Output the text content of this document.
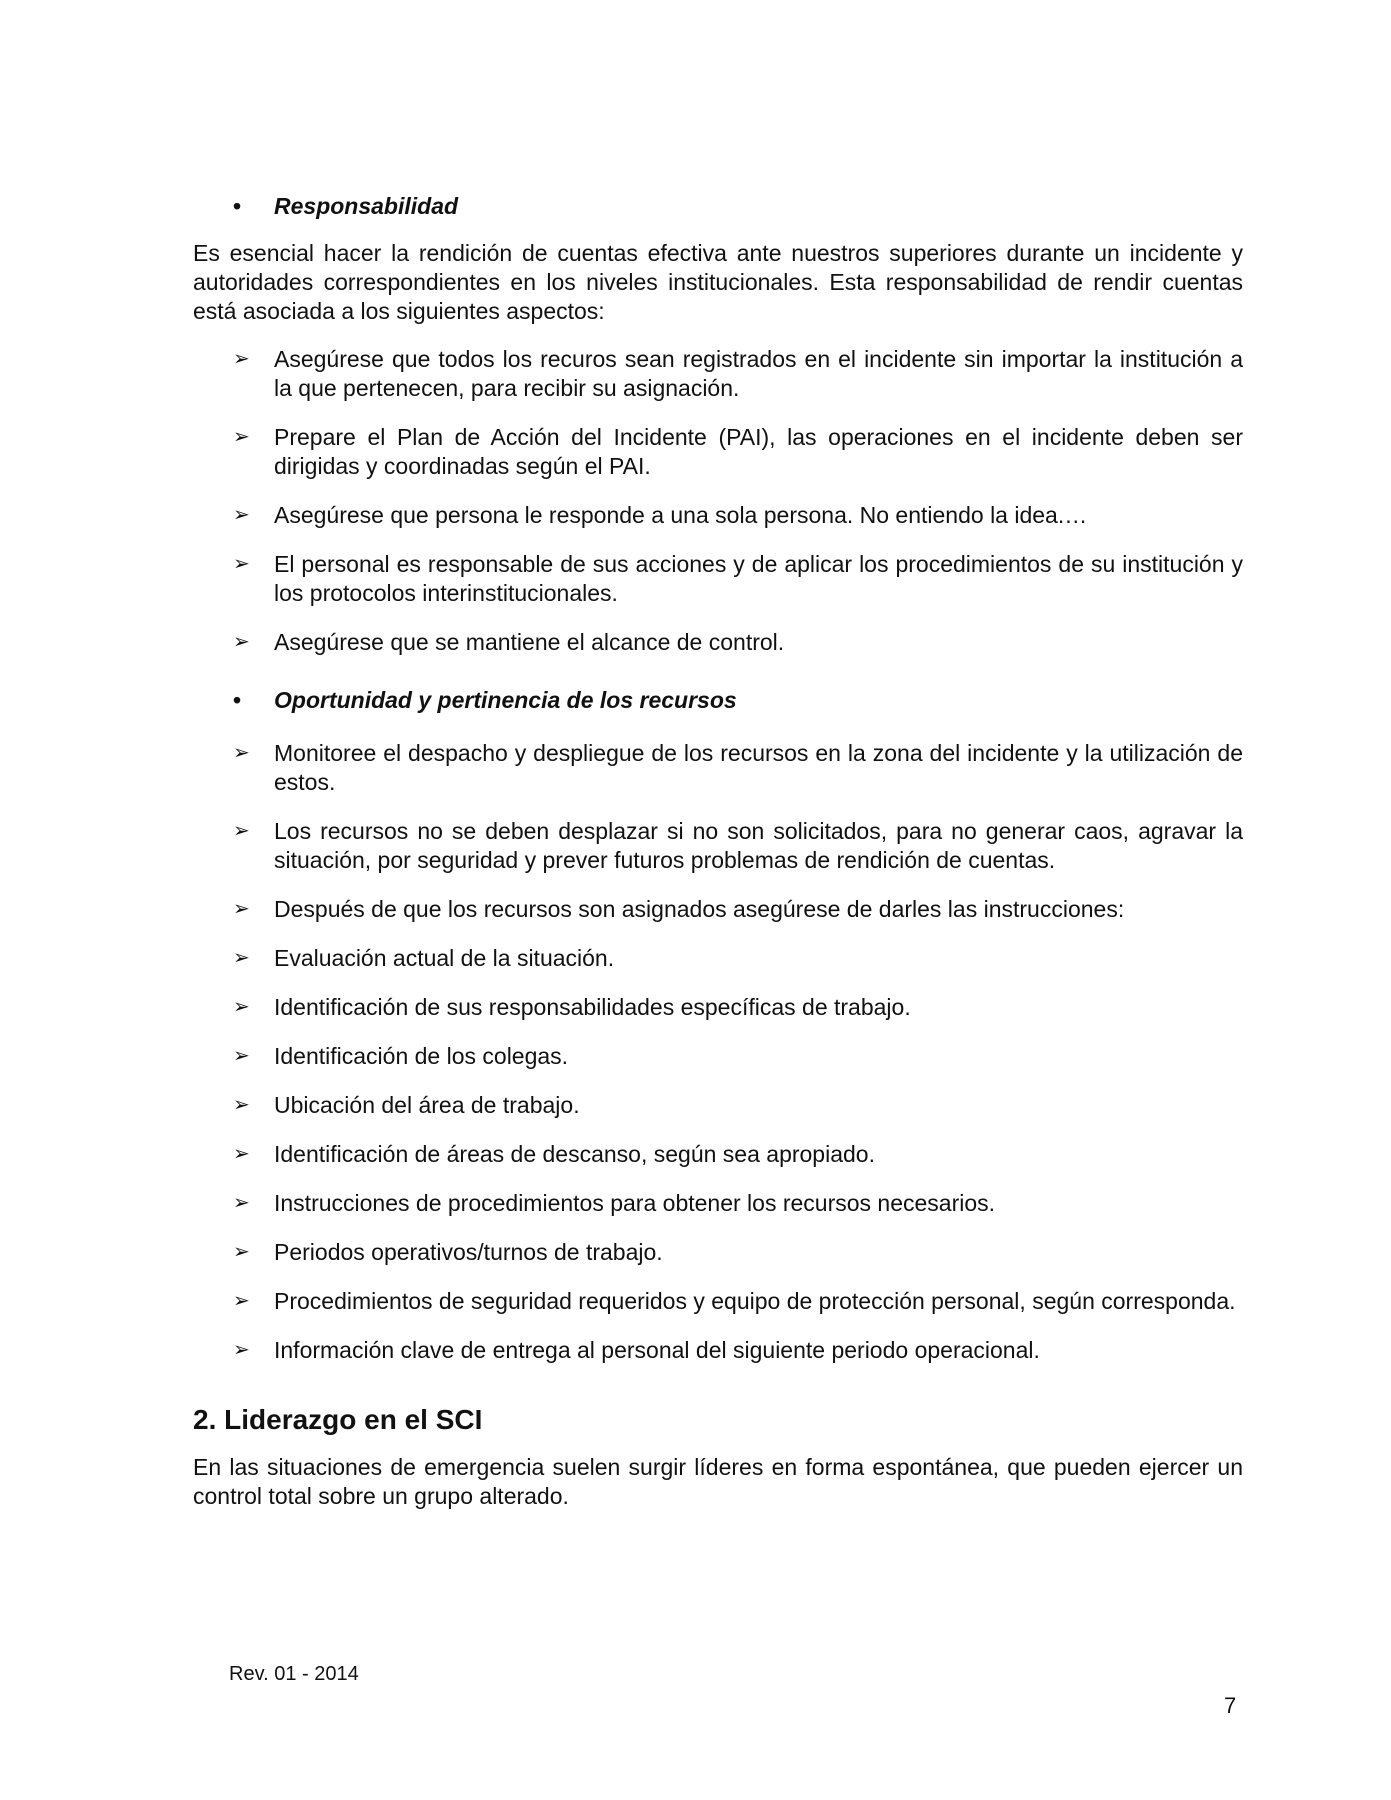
• Responsabilidad

Es esencial hacer la rendición de cuentas efectiva ante nuestros superiores durante un incidente y autoridades correspondientes en los niveles institucionales. Esta responsabilidad de rendir cuentas está asociada a los siguientes aspectos:

➢ Asegúrese que todos los recuros sean registrados en el incidente sin importar la institución a la que pertenecen, para recibir su asignación.
➢ Prepare el Plan de Acción del Incidente (PAI), las operaciones en el incidente deben ser dirigidas y coordinadas según el PAI.
➢ Asegúrese que persona le responde a una sola persona. No entiendo la idea.…
➢ El personal es responsable de sus acciones y de aplicar los procedimientos de su institución y los protocolos interinstitucionales.
➢ Asegúrese que se mantiene el alcance de control.
• Oportunidad y pertinencia de los recursos
➢ Monitoree el despacho y despliegue de los recursos en la zona del incidente y la utilización de estos.
➢ Los recursos no se deben desplazar si no son solicitados, para no generar caos, agravar la situación, por seguridad y prever futuros problemas de rendición de cuentas.
➢ Después de que los recursos son asignados asegúrese de darles las instrucciones:
➢ Evaluación actual de la situación.
➢ Identificación de sus responsabilidades específicas de trabajo.
➢ Identificación de los colegas.
➢ Ubicación del área de trabajo.
➢ Identificación de áreas de descanso, según sea apropiado.
➢ Instrucciones de procedimientos para obtener los recursos necesarios.
➢ Periodos operativos/turnos de trabajo.
➢ Procedimientos de seguridad requeridos y equipo de protección personal, según corresponda.
➢ Información clave de entrega al personal del siguiente periodo operacional.
2. Liderazgo en el SCI

En las situaciones de emergencia suelen surgir líderes en forma espontánea, que pueden ejercer un control total sobre un grupo alterado.

Rev. 01 - 2014
7
